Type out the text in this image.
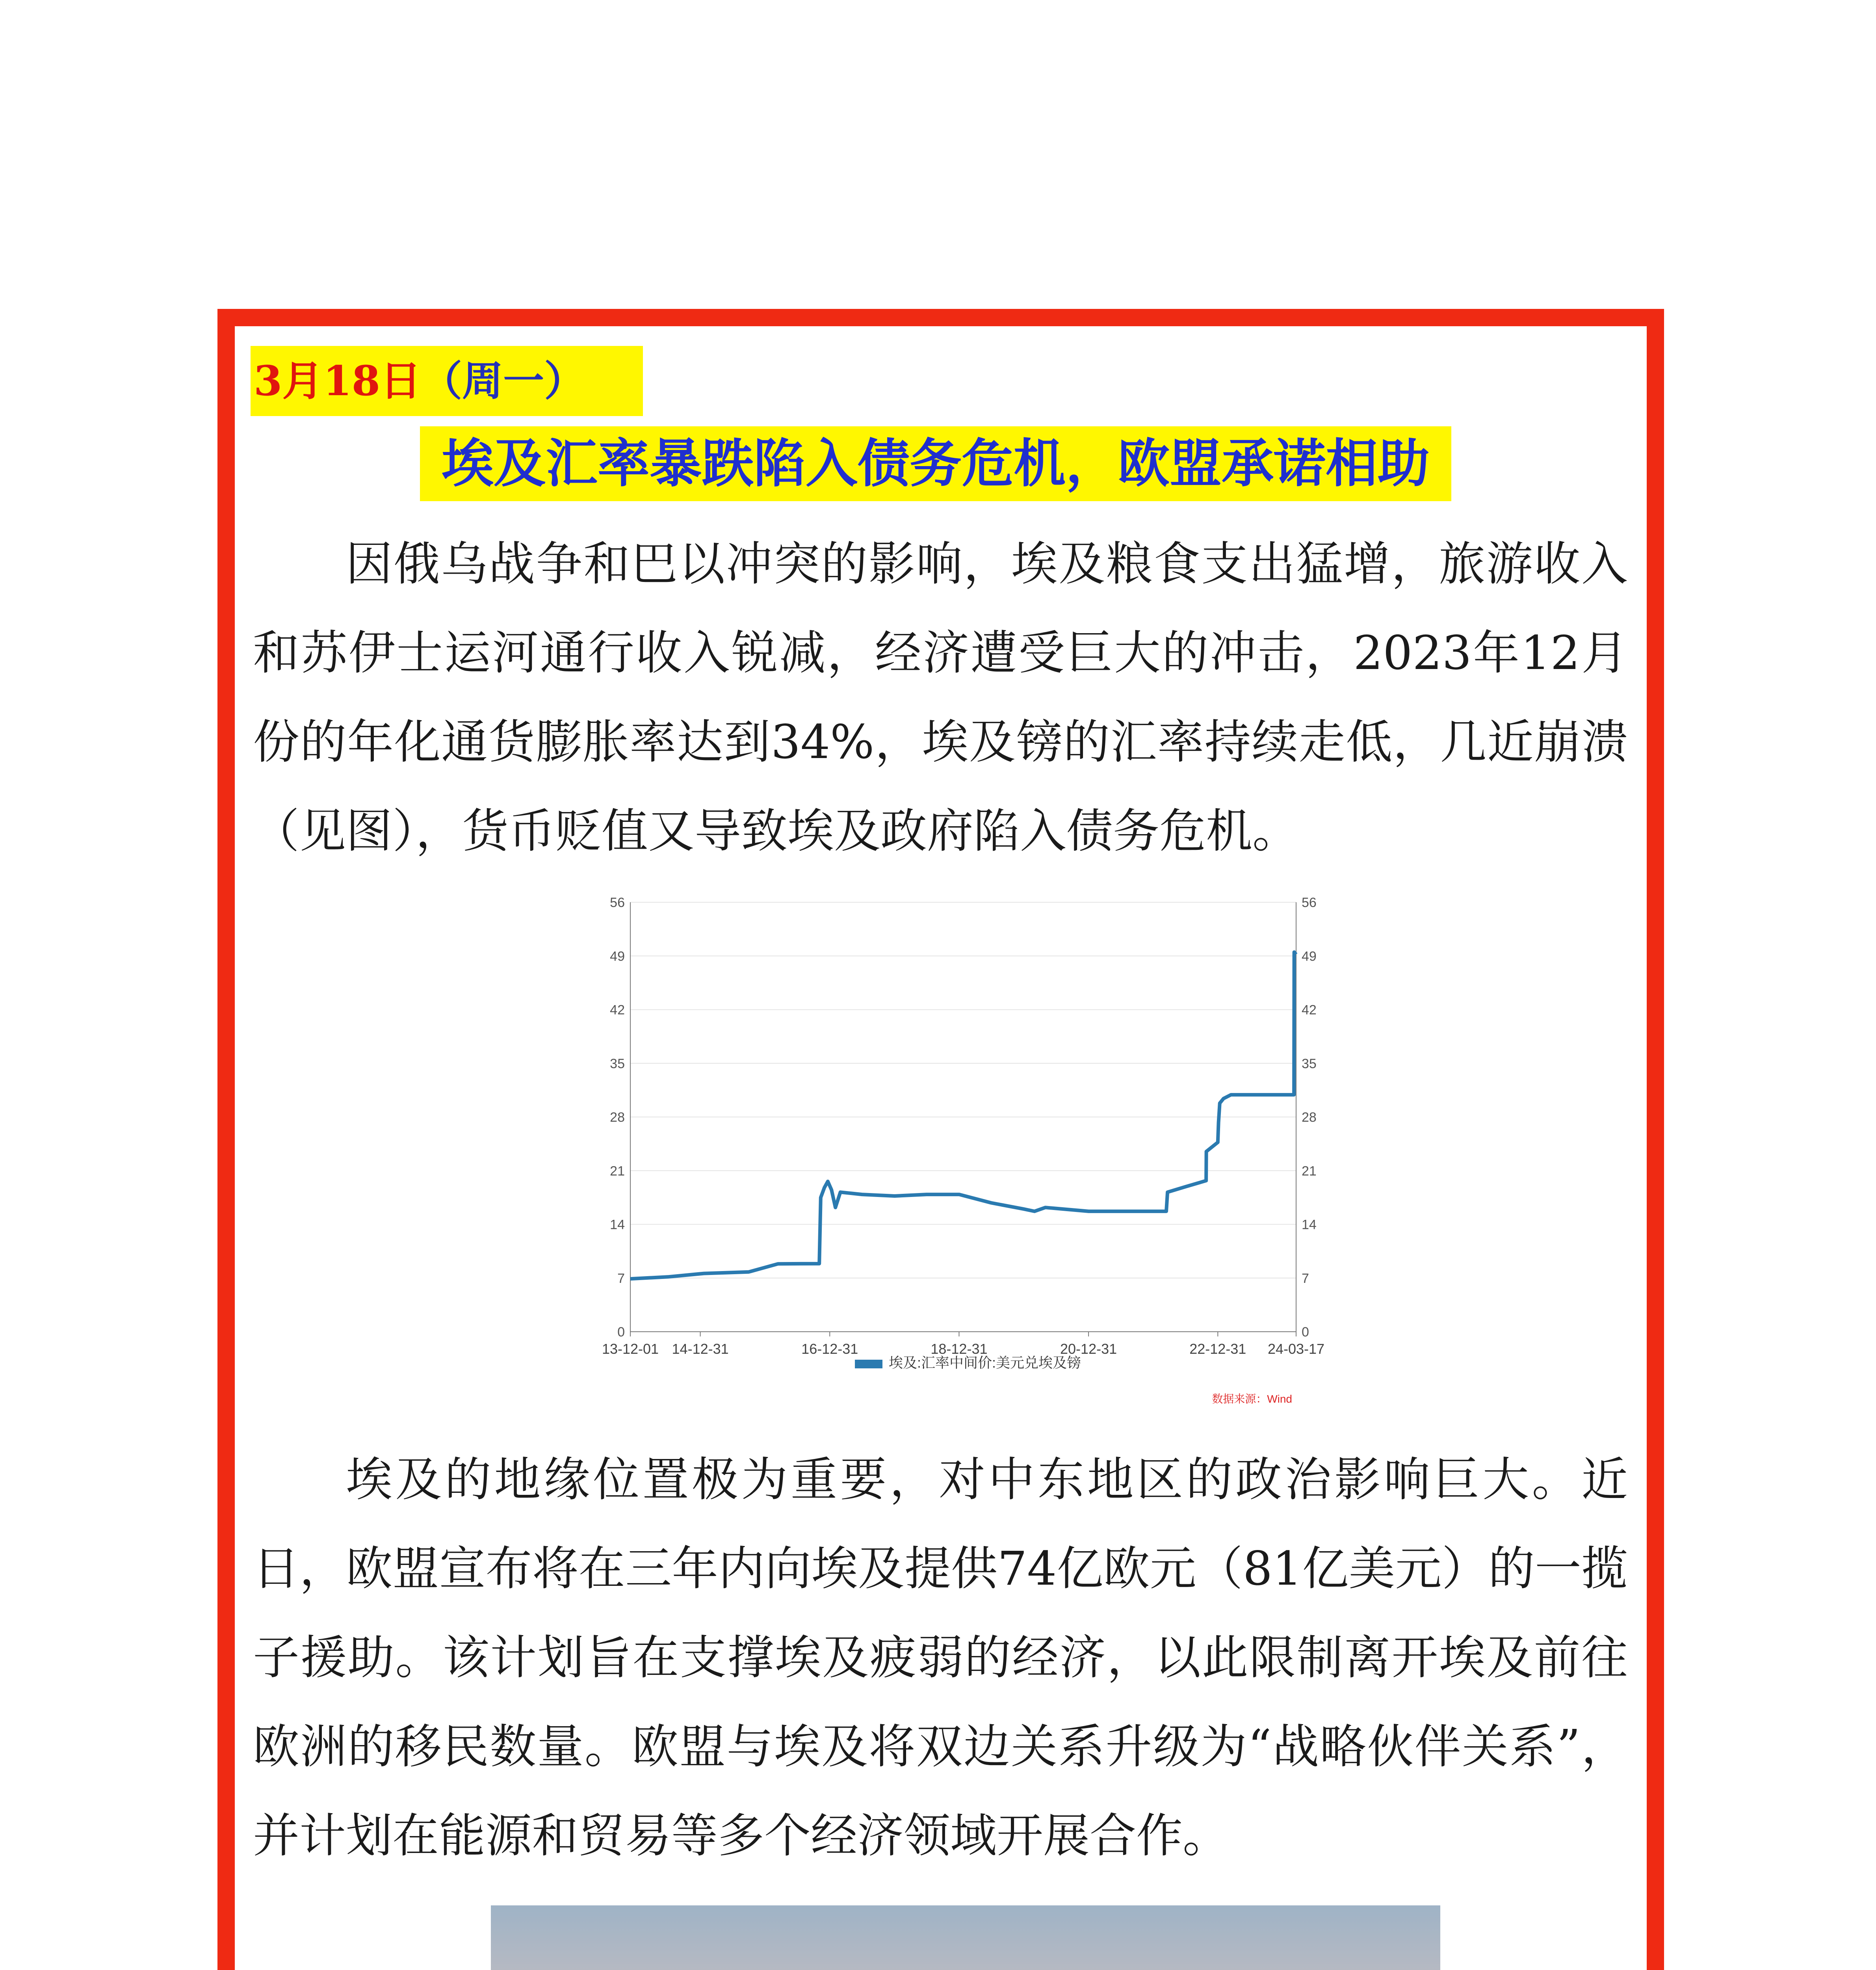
3月18日（周一）
埃及汇率暴跌陷入债务危机，欧盟承诺相助

因俄乌战争和巴以冲突的影响，埃及粮食支出猛增，旅游收入和苏伊士运河通行收入锐减，经济遭受巨大的冲击，2023年12月份的年化通货膨胀率达到34%，埃及镑的汇率持续走低，几近崩溃（见图），货币贬值又导致埃及政府陷入债务危机。

0	0
7	7
14	14
21	21
28	28
35	35
42	42
49	49
56	56
13-12-01 14-12-31	16-12-31	18-12-31	20-12-31	22-12-31 24-03-17
埃及:汇率中间价:美元兑埃及镑
数据来源：Wind

埃及的地缘位置极为重要，对中东地区的政治影响巨大。近日，欧盟宣布将在三年内向埃及提供74亿欧元（81亿美元）的一揽子援助。该计划旨在支撑埃及疲弱的经济，以此限制离开埃及前往欧洲的移民数量。欧盟与埃及将双边关系升级为“战略伙伴关系”，并计划在能源和贸易等多个经济领域开展合作。
